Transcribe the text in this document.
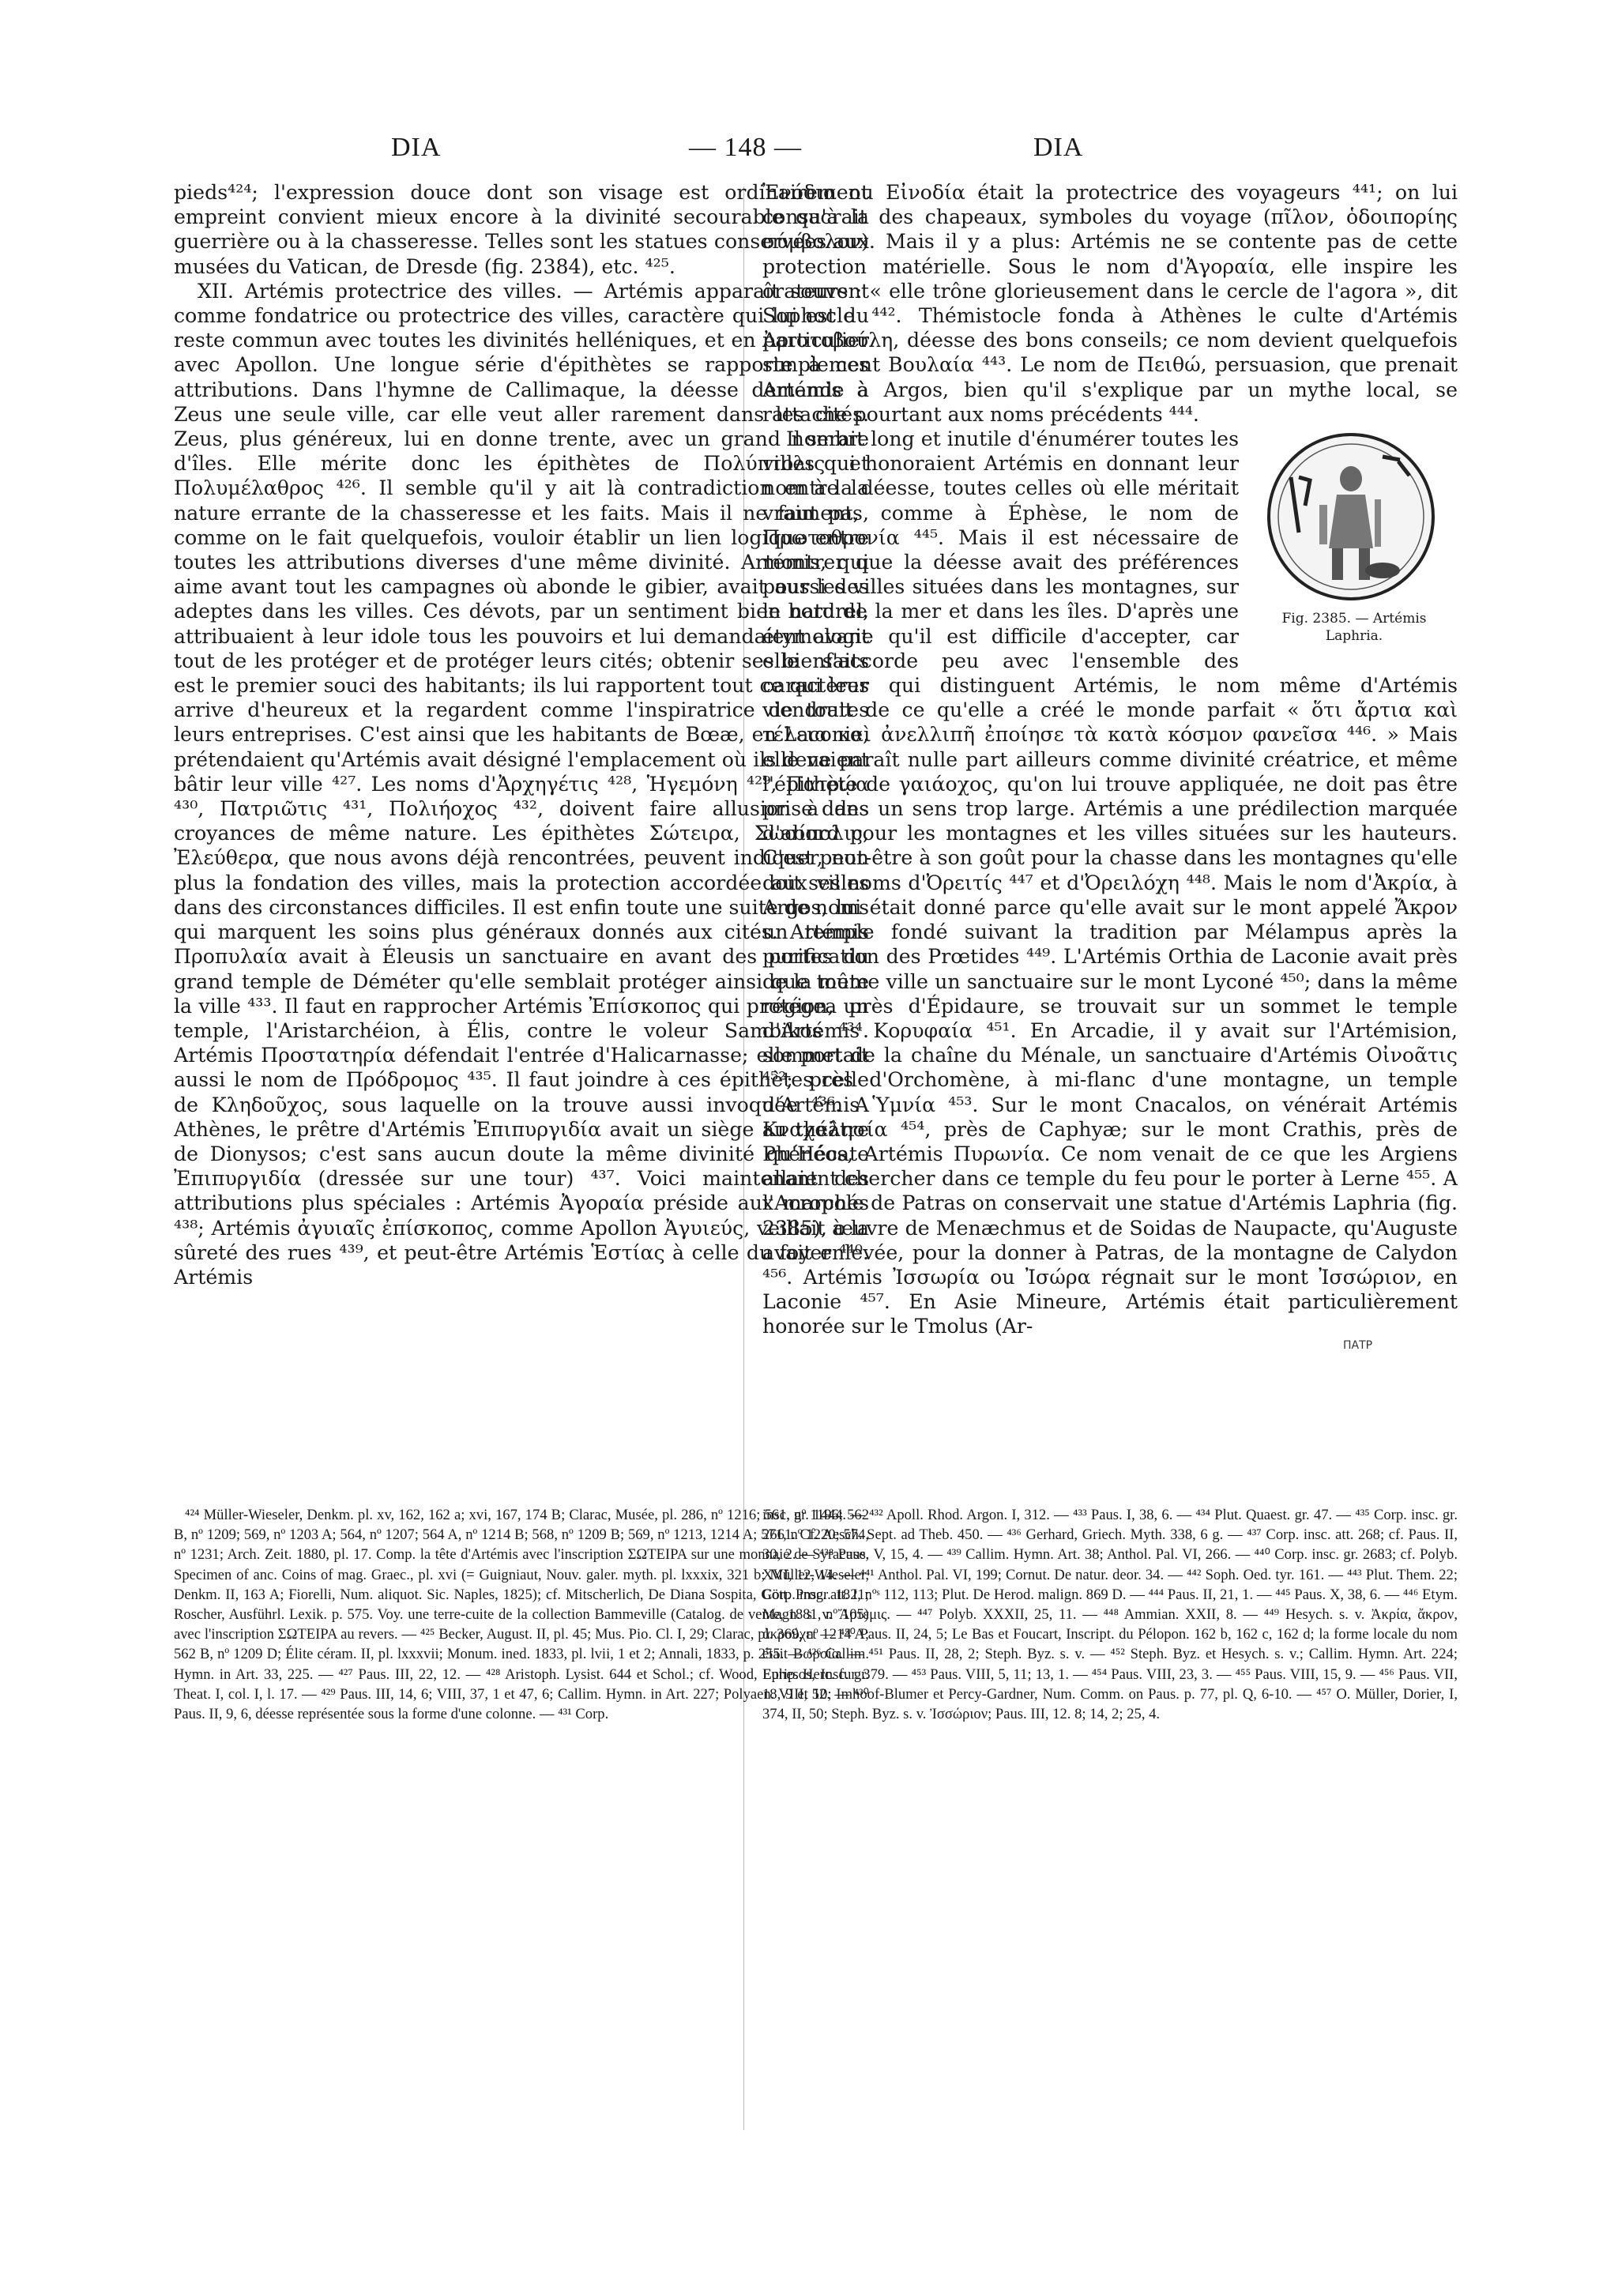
DIA	— 148 —	DIA

pieds⁴²⁴; l'expression douce dont son visage est ordinairement empreint convient mieux encore à la divinité secourable qu'à la guerrière ou à la chasseresse. Telles sont les statues conservées aux musées du Vatican, de Dresde (fig. 2384), etc. ⁴²⁵.

XII. Artémis protectrice des villes. — Artémis apparaît souvent comme fondatrice ou protectrice des villes, caractère qui lui est du reste commun avec toutes les divinités helléniques, et en particulier avec Apollon. Une longue série d'épithètes se rapporte à ces attributions. Dans l'hymne de Callimaque, la déesse demande à Zeus une seule ville, car elle veut aller rarement dans les cités. Zeus, plus généreux, lui en donne trente, avec un grand nombre d'îles. Elle mérite donc les épithètes de Πολύπτολις et Πολυμέλαθρος ⁴²⁶. Il semble qu'il y ait là contradiction entre la nature errante de la chasseresse et les faits. Mais il ne faut pas, comme on le fait quelquefois, vouloir établir un lien logique entre toutes les attributions diverses d'une même divinité. Artémis, qui aime avant tout les campagnes où abonde le gibier, avait aussi des adeptes dans les villes. Ces dévots, par un sentiment bien naturel, attribuaient à leur idole tous les pouvoirs et lui demandaient avant tout de les protéger et de protéger leurs cités; obtenir ses bienfaits est le premier souci des habitants; ils lui rapportent tout ce qui leur arrive d'heureux et la regardent comme l'inspiratrice de toutes leurs entreprises. C'est ainsi que les habitants de Bœæ, en Laconie, prétendaient qu'Artémis avait désigné l'emplacement où ils devaient bâtir leur ville ⁴²⁷. Les noms d'Ἀρχηγέτις ⁴²⁸, Ἡγεμόνη ⁴²⁹, Πατρῴα ⁴³⁰, Πατριῶτις ⁴³¹, Πολιήοχος ⁴³², doivent faire allusion à des croyances de même nature. Les épithètes Σώτειρα, Σωσίπολις, Ἐλεύθερα, que nous avons déjà rencontrées, peuvent indiquer, non plus la fondation des villes, mais la protection accordée aux villes dans des circonstances difficiles. Il est enfin toute une suite de noms qui marquent les soins plus généraux donnés aux cités. Artémis Προπυλαία avait à Éleusis un sanctuaire en avant des portes du grand temple de Déméter qu'elle semblait protéger ainsi que toute la ville ⁴³³. Il faut en rapprocher Artémis Ἐπίσκοπος qui protégea un temple, l'Aristarchéion, à Élis, contre le voleur Sambikos ⁴³⁴. Artémis Προστατηρία défendait l'entrée d'Halicarnasse; elle portait aussi le nom de Πρόδρομος ⁴³⁵. Il faut joindre à ces épithètes celle de Κληδοῦχος, sous laquelle on la trouve aussi invoquée ⁴³⁶. A Athènes, le prêtre d'Artémis Ἐπιπυργιδία avait un siège au théâtre de Dionysos; c'est sans aucun doute la même divinité qu'Hécate Ἐπιπυργιδία (dressée sur une tour) ⁴³⁷. Voici maintenant des attributions plus spéciales : Artémis Ἀγοραία préside aux marchés ⁴³⁸; Artémis ἀγυιαῖς ἐπίσκοπος, comme Apollon Ἀγυιεύς, veillait à la sûreté des rues ⁴³⁹, et peut-être Artémis Ἑστίας à celle du foyer ⁴⁴⁰. Artémis

Ἐνόδια ou Εἰνοδία était la protectrice des voyageurs ⁴⁴¹; on lui consacrait des chapeaux, symboles du voyage (πῖλον, ὁδοιπορίης σύμβολον). Mais il y a plus: Artémis ne se contente pas de cette protection matérielle. Sous le nom d'Ἀγοραία, elle inspire les orateurs : « elle trône glorieusement dans le cercle de l'agora », dit Sophocle ⁴⁴². Thémistocle fonda à Athènes le culte d'Artémis Ἀριστοβούλη, déesse des bons conseils; ce nom devient quelquefois simplement Βουλαία ⁴⁴³. Le nom de Πειθώ, persuasion, que prenait Artémis à Argos, bien qu'il s'explique par un mythe local, se rattache pourtant aux noms précédents ⁴⁴⁴.

Fig. 2385. — Artémis Laphria.

Il serait long et inutile d'énumérer toutes les villes qui honoraient Artémis en donnant leur nom à la déesse, toutes celles où elle méritait vraiment, comme à Éphèse, le nom de Πρωτοθρονία ⁴⁴⁵. Mais il est nécessaire de montrer que la déesse avait des préférences pour les villes situées dans les montagnes, sur le bord de la mer et dans les îles. D'après une étymologie qu'il est difficile d'accepter, car elle s'accorde peu avec l'ensemble des caractères qui distinguent Artémis, le nom même d'Artémis viendrait de ce qu'elle a créé le monde parfait « ὅτι ἄρτια καὶ τέλεια καὶ ἀνελλιπῆ ἐποίησε τὰ κατὰ κόσμον φανεῖσα ⁴⁴⁶. » Mais elle ne paraît nulle part ailleurs comme divinité créatrice, et même l'épithète de γαιάοχος, qu'on lui trouve appliquée, ne doit pas être prise dans un sens trop large. Artémis a une prédilection marquée d'abord pour les montagnes et les villes situées sur les hauteurs. C'est peut-être à son goût pour la chasse dans les montagnes qu'elle doit ses noms d'Ὀρειτίς ⁴⁴⁷ et d'Ὀρειλόχη ⁴⁴⁸. Mais le nom d'Ἀκρία, à Argos, lui était donné parce qu'elle avait sur le mont appelé Ἄκρον un temple fondé suivant la tradition par Mélampus après la purification des Prœtides ⁴⁴⁹. L'Artémis Orthia de Laconie avait près de la même ville un sanctuaire sur le mont Lyconé ⁴⁵⁰; dans la même région, près d'Épidaure, se trouvait sur un sommet le temple d'Artémis Κορυφαία ⁴⁵¹. En Arcadie, il y avait sur l'Artémision, sommet de la chaîne du Ménale, un sanctuaire d'Artémis Οἰνοᾶτις ⁴⁵²; près d'Orchomène, à mi-flanc d'une montagne, un temple d'Artémis Ὑμνία ⁴⁵³. Sur le mont Cnacalos, on vénérait Artémis Κναχαλησία ⁴⁵⁴, près de Caphyæ; sur le mont Crathis, près de Phénéos, Artémis Πυρωνία. Ce nom venait de ce que les Argiens allaient chercher dans ce temple du feu pour le porter à Lerne ⁴⁵⁵. A l'Acropole de Patras on conservait une statue d'Artémis Laphria (fig. 2385), œuvre de Menæchmus et de Soidas de Naupacte, qu'Auguste avait enlevée, pour la donner à Patras, de la montagne de Calydon ⁴⁵⁶. Artémis Ἰσσωρία ou Ἰσώρα régnait sur le mont Ἰσσώριον, en Laconie ⁴⁵⁷. En Asie Mineure, Artémis était particulièrement honorée sur le Tmolus (Ar-

⁴²⁴ Müller-Wieseler, Denkm. pl. xv, 162, 162 a; xvi, 167, 174 B; Clarac, Musée, pl. 286, nº 1216; 561, nº 1196; 562 B, nº 1209; 569, nº 1203 A; 564, nº 1207; 564 A, nº 1214 B; 568, nº 1209 B; 569, nº 1213, 1214 A; 571, nº 1220; 574, nº 1231; Arch. Zeit. 1880, pl. 17. Comp. la tête d'Artémis avec l'inscription ΣΩΤΕΙΡΑ sur une monnaie de Syracuse, Specimen of anc. Coins of mag. Graec., pl. xvi (= Guigniaut, Nouv. galer. myth. pl. lxxxix, 321 b; Müller-Wieseler, Denkm. II, 163 A; Fiorelli, Num. aliquot. Sic. Naples, 1825); cf. Mitscherlich, De Diana Sospita, Gött. Progr. 1821; Roscher, Ausführl. Lexik. p. 575. Voy. une terre-cuite de la collection Bammeville (Catalog. de vente, 1881, nº 105) avec l'inscription ΣΩΤΕΙΡΑ au revers. — ⁴²⁵ Becker, August. II, pl. 45; Mus. Pio. Cl. I, 29; Clarac, pl. 369, nº 1214 A; 562 B, nº 1209 D; Élite céram. II, pl. lxxxvii; Monum. ined. 1833, pl. lvii, 1 et 2; Annali, 1833, p. 255. — ⁴²⁶ Callim. Hymn. in Art. 33, 225. — ⁴²⁷ Paus. III, 22, 12. — ⁴²⁸ Aristoph. Lysist. 644 et Schol.; cf. Wood, Ephesos, Insc. gr. Theat. I, col. I, l. 17. — ⁴²⁹ Paus. III, 14, 6; VIII, 37, 1 et 47, 6; Callim. Hymn. in Art. 227; Polyaen. VIII, 52. — ⁴³⁰ Paus. II, 9, 6, déesse représentée sous la forme d'une colonne. — ⁴³¹ Corp.

insc. gr. 1444. — ⁴³² Apoll. Rhod. Argon. I, 312. — ⁴³³ Paus. I, 38, 6. — ⁴³⁴ Plut. Quaest. gr. 47. — ⁴³⁵ Corp. insc. gr. 2661. Cf. Aesch. Sept. ad Theb. 450. — ⁴³⁶ Gerhard, Griech. Myth. 338, 6 g. — ⁴³⁷ Corp. insc. att. 268; cf. Paus. II, 30, 2. — ⁴³⁸ Paus. V, 15, 4. — ⁴³⁹ Callim. Hymn. Art. 38; Anthol. Pal. VI, 266. — ⁴⁴⁰ Corp. insc. gr. 2683; cf. Polyb. XVI, 12, 14. — ⁴⁴¹ Anthol. Pal. VI, 199; Cornut. De natur. deor. 34. — ⁴⁴² Soph. Oed. tyr. 161. — ⁴⁴³ Plut. Them. 22; Corp. insc. att. I, nºˢ 112, 113; Plut. De Herod. malign. 869 D. — ⁴⁴⁴ Paus. II, 21, 1. — ⁴⁴⁵ Paus. X, 38, 6. — ⁴⁴⁶ Etym. Magn. s. v. Ἄρτεμις. — ⁴⁴⁷ Polyb. XXXII, 25, 11. — ⁴⁴⁸ Ammian. XXII, 8. — ⁴⁴⁹ Hesych. s. v. Ἀκρία, ἄκρον, ἀκρούχει — ⁴⁵⁰ Paus. II, 24, 5; Le Bas et Foucart, Inscript. du Pélopon. 162 b, 162 c, 162 d; la forme locale du nom était Βωρσία. — ⁴⁵¹ Paus. II, 28, 2; Steph. Byz. s. v. — ⁴⁵² Steph. Byz. et Hesych. s. v.; Callim. Hymn. Art. 224; Eurip. Herc. fur. 379. — ⁴⁵³ Paus. VIII, 5, 11; 13, 1. — ⁴⁵⁴ Paus. VIII, 23, 3. — ⁴⁵⁵ Paus. VIII, 15, 9. — ⁴⁵⁶ Paus. VII, 18, 9 et 10; Imhoof-Blumer et Percy-Gardner, Num. Comm. on Paus. p. 77, pl. Q, 6-10. — ⁴⁵⁷ O. Müller, Dorier, I, 374, II, 50; Steph. Byz. s. v. Ἰσσώριον; Paus. III, 12. 8; 14, 2; 25, 4.

ΠΑΤΡ
